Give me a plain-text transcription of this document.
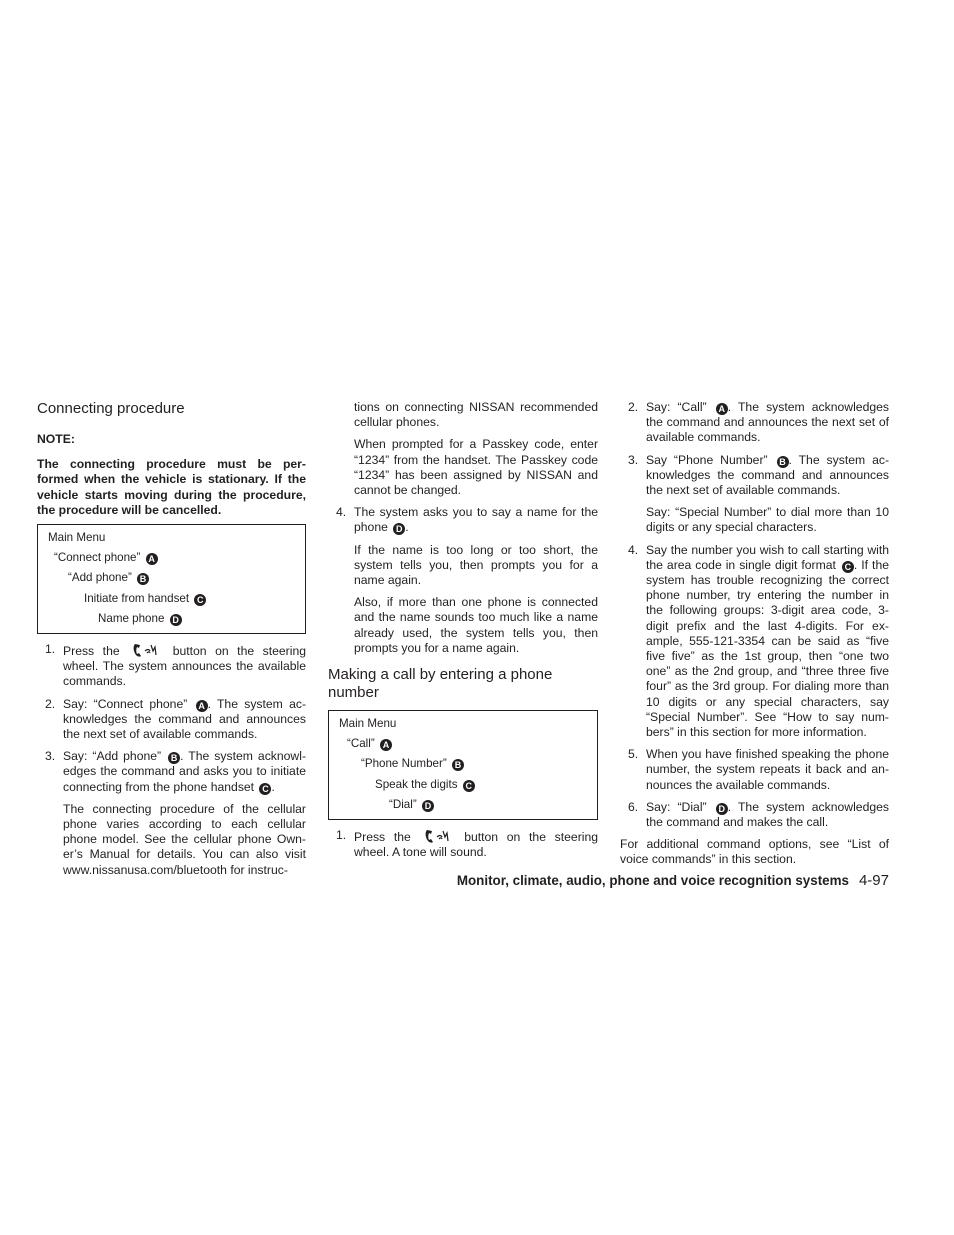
Connecting procedure
NOTE:
The connecting procedure must be per-formed when the vehicle is stationary. If the vehicle starts moving during the procedure, the procedure will be cancelled.
Main Menu
“Connect phone” A
“Add phone” B
Initiate from handset C
Name phone D
1. Press the	button on the steering wheel. The system announces the available commands.
2. Say: “Connect phone” A . The system ac-knowledges the command and announces the next set of available commands.
3. Say: “Add phone” B . The system acknowl-edges the command and asks you to initiate connecting from the phone handset C .
The connecting procedure of the cellular phone varies according to each cellular phone model. See the cellular phone Own-er’s Manual for details. You can also visit www.nissanusa.com/bluetooth for instruc-
tions on connecting NISSAN recommended cellular phones.
When prompted for a Passkey code, enter “1234” from the handset. The Passkey code “1234” has been assigned by NISSAN and cannot be changed.
4. The system asks you to say a name for the phone D .
If the name is too long or too short, the system tells you, then prompts you for a name again.
Also, if more than one phone is connected and the name sounds too much like a name already used, the system tells you, then prompts you for a name again.
Making a call by entering a phone number
Main Menu
“Call” A
“Phone Number” B
Speak the digits C
“Dial” D
1. Press the	button on the steering wheel. A tone will sound.
2. Say: “Call” A . The system acknowledges the command and announces the next set of available commands.
3. Say “Phone Number” B . The system ac-knowledges the command and announces the next set of available commands.
Say: “Special Number” to dial more than 10 digits or any special characters.
4. Say the number you wish to call starting with the area code in single digit format C . If the system has trouble recognizing the correct phone number, try entering the number in the following groups: 3-digit area code, 3-digit prefix and the last 4-digits. For ex-ample, 555-121-3354 can be said as “five five five” as the 1st group, then “one two one” as the 2nd group, and “three three five four” as the 3rd group. For dialing more than 10 digits or any special characters, say “Special Number”. See “How to say num-bers” in this section for more information.
5. When you have finished speaking the phone number, the system repeats it back and an-nounces the available commands.
6. Say: “Dial” D . The system acknowledges the command and makes the call.
For additional command options, see “List of voice commands” in this section.
Monitor, climate, audio, phone and voice recognition systems 4-97
